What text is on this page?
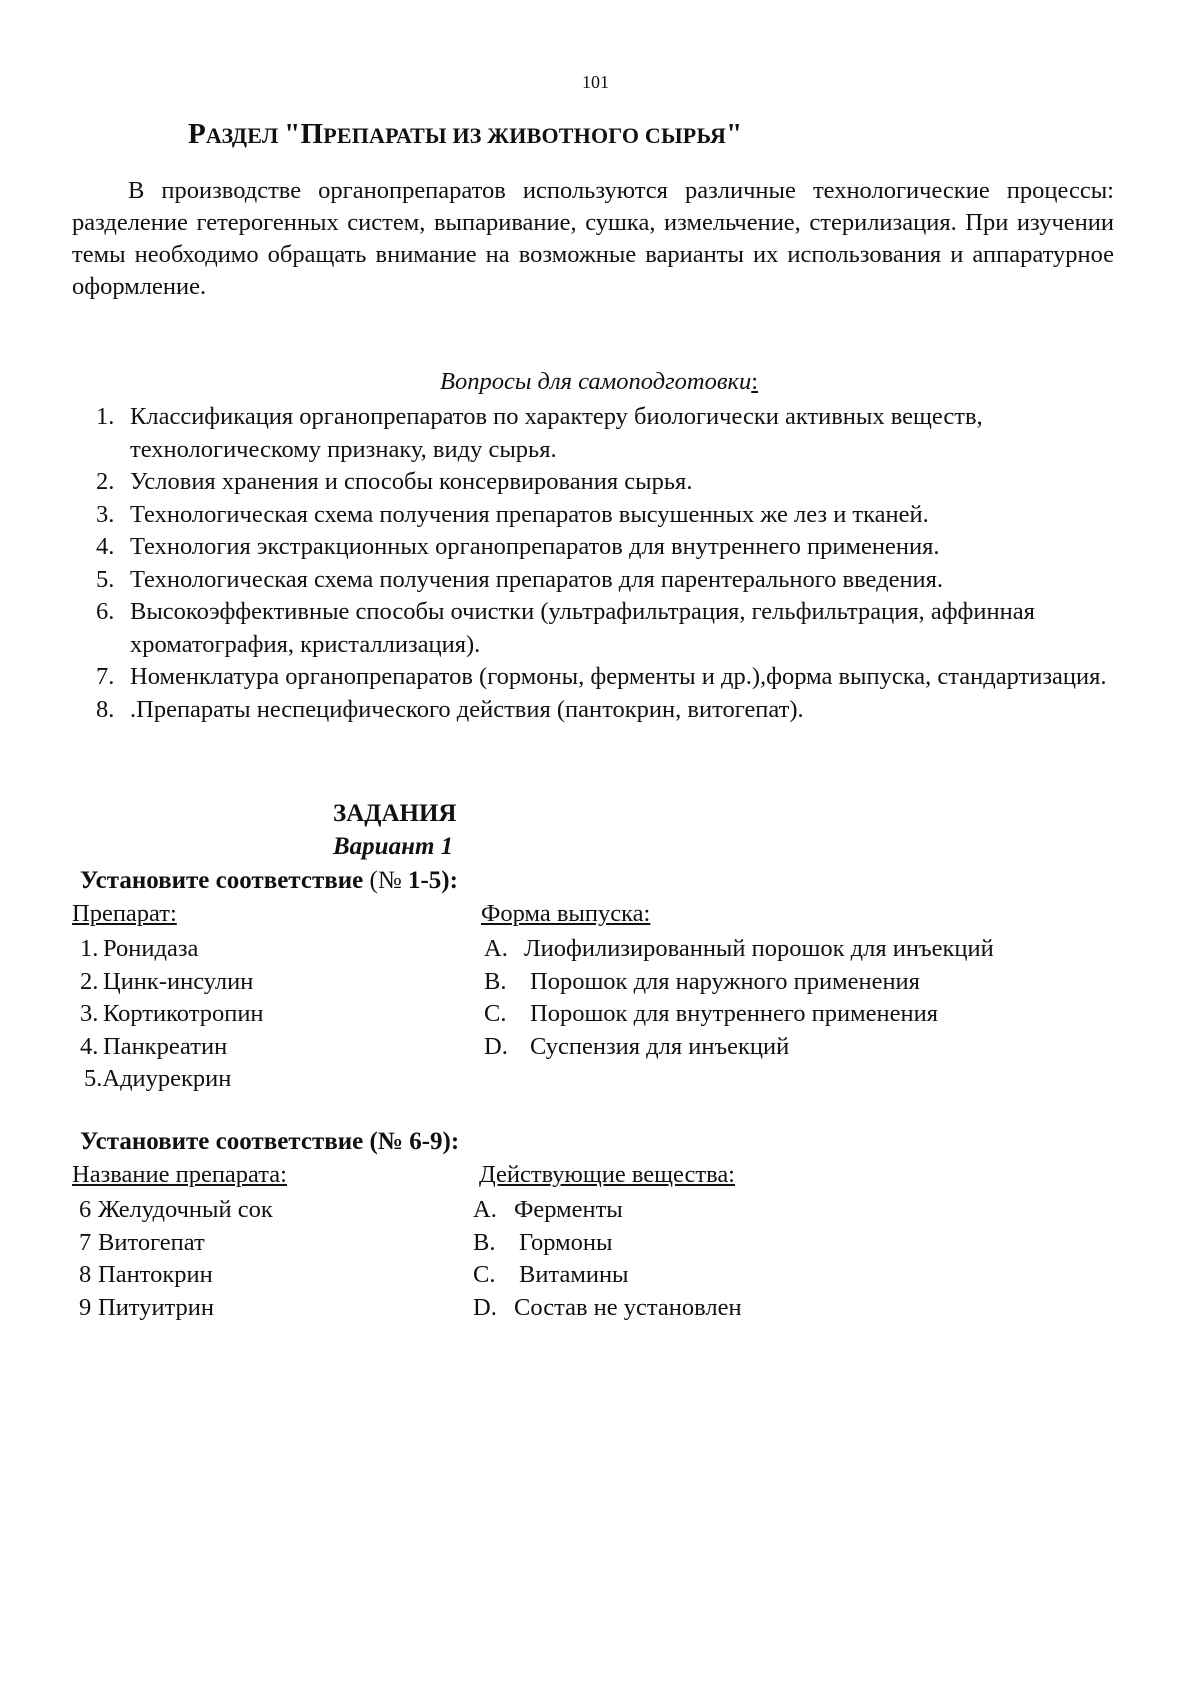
101
РАЗДЕЛ "ПРЕПАРАТЫ ИЗ ЖИВОТНОГО СЫРЬЯ"

В производстве органопрепаратов используются различные технологические процессы: разделение гетерогенных систем, выпаривание, сушка, измельчение, стерилизация. При изучении темы необходимо обращать внимание на возможные варианты их использования и аппаратурное оформление.

Вопросы для самоподготовки:
1. Классификация органопрепаратов по характеру биологически активных веществ, технологическому признаку, виду сырья.
2. Условия хранения и способы консервирования сырья.
3. Технологическая схема получения препаратов высушенных же лез и тканей.
4. Технология экстракционных органопрепаратов для внутреннего применения.
5. Технологическая схема получения препаратов для парентерального введения.
6. Высокоэффективные способы очистки (ультрафильтрация, гельфильтрация, аффинная хроматография, кристаллизация).
7. Номенклатура органопрепаратов (гормоны, ферменты и др.),форма выпуска, стандартизация.
8. .Препараты неспецифического действия (пантокрин, витогепат).
ЗАДАНИЯ
Вариант 1
Установите соответствие (№ 1-5):
Препарат:	Форма выпуска:
1. Ронидаза
2. Цинк-инсулин
3. Кортикотропин
4. Панкреатин
5.Адиурекрин
A. Лиофилизированный порошок для инъекций
B. Порошок для наружного применения
C. Порошок для внутреннего применения
D. Суспензия для инъекций
Установите соответствие (№ 6-9):
Название препарата:	Действующие вещества:
6 Желудочный сок
7 Витогепат
8 Пантокрин
9 Питуитрин
A. Ферменты
B. Гормоны
C. Витамины
D. Состав не установлен
